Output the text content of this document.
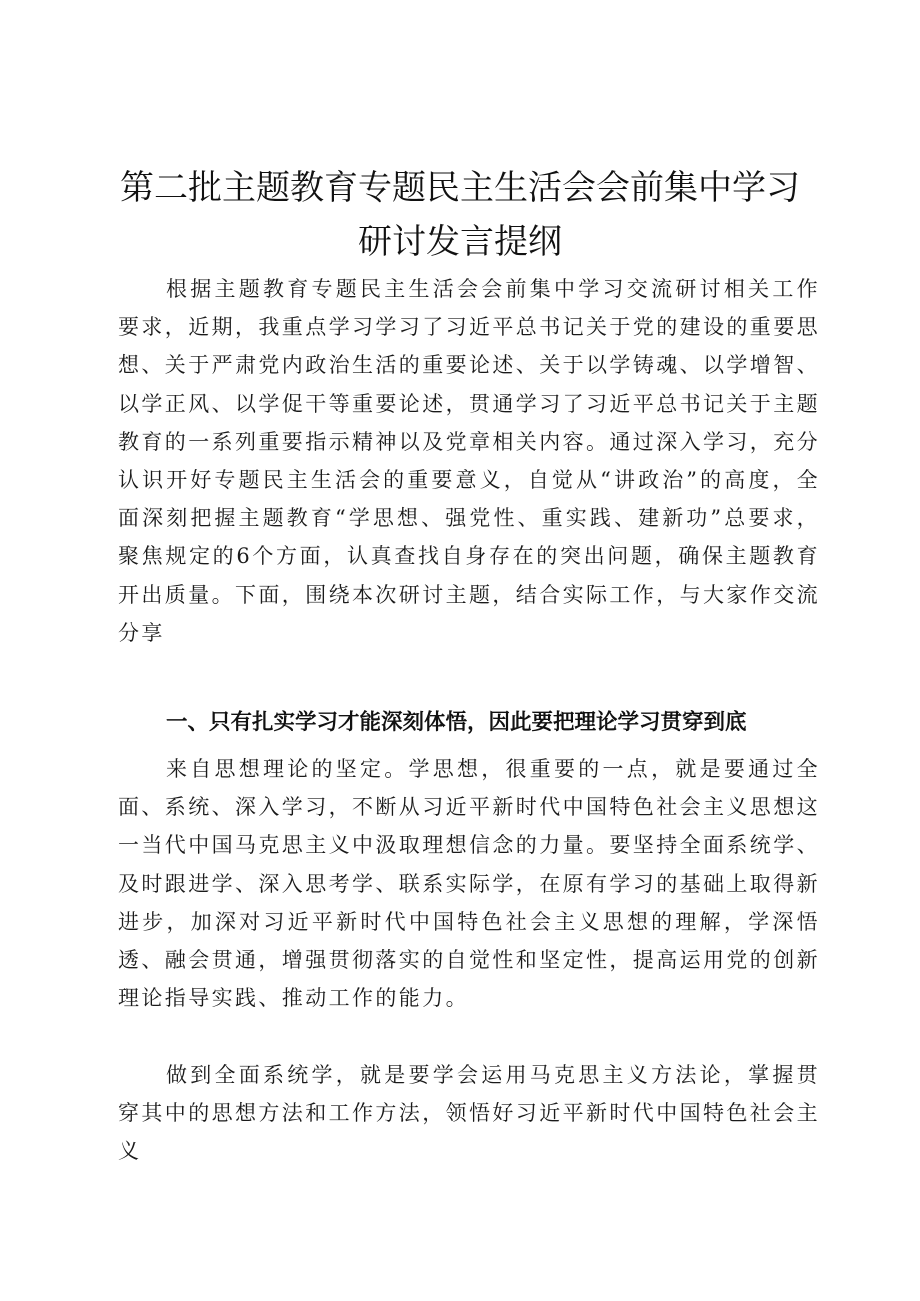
第二批主题教育专题民主生活会会前集中学习
研讨发言提纲

根据主题教育专题民主生活会会前集中学习交流研讨相关工作要求，近期，我重点学习学习了习近平总书记关于党的建设的重要思想、关于严肃党内政治生活的重要论述、关于以学铸魂、以学增智、以学正风、以学促干等重要论述，贯通学习了习近平总书记关于主题教育的一系列重要指示精神以及党章相关内容。通过深入学习，充分认识开好专题民主生活会的重要意义，自觉从“讲政治”的高度，全面深刻把握主题教育“学思想、强党性、重实践、建新功”总要求，聚焦规定的6个方面，认真查找自身存在的突出问题，确保主题教育开出质量。下面，围绕本次研讨主题，结合实际工作，与大家作交流分享

一、只有扎实学习才能深刻体悟，因此要把理论学习贯穿到底

来自思想理论的坚定。学思想，很重要的一点，就是要通过全面、系统、深入学习，不断从习近平新时代中国特色社会主义思想这一当代中国马克思主义中汲取理想信念的力量。要坚持全面系统学、及时跟进学、深入思考学、联系实际学，在原有学习的基础上取得新进步，加深对习近平新时代中国特色社会主义思想的理解，学深悟透、融会贯通，增强贯彻落实的自觉性和坚定性，提高运用党的创新理论指导实践、推动工作的能力。

做到全面系统学，就是要学会运用马克思主义方法论，掌握贯穿其中的思想方法和工作方法，领悟好习近平新时代中国特色社会主义
